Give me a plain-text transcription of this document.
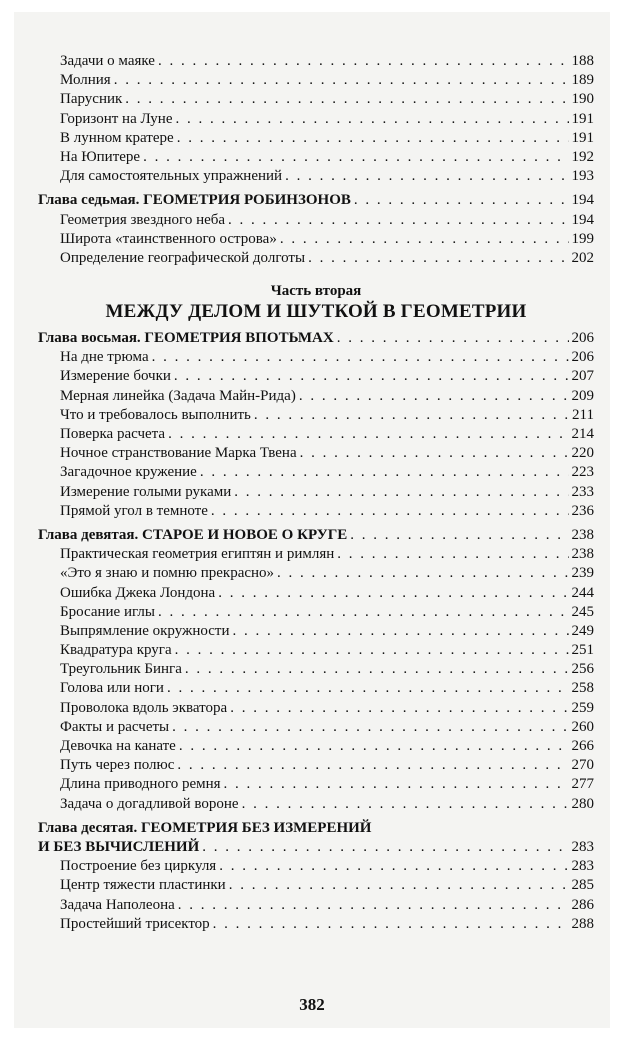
Задачи о маяке . . .	188
Молния . . .	189
Парусник . . .	190
Горизонт на Луне . . .	191
В лунном кратере . . .	191
На Юпитере . . .	192
Для самостоятельных упражнений . . .	193
Глава седьмая. ГЕОМЕТРИЯ РОБИНЗОНОВ . . .	194
Геометрия звездного неба . . .	194
Широта «таинственного острова» . . .	199
Определение географической долготы . . .	202
Часть вторая
МЕЖДУ ДЕЛОМ И ШУТКОЙ В ГЕОМЕТРИИ
Глава восьмая. ГЕОМЕТРИЯ ВПОТЬМАХ . . .	206
На дне трюма . . .	206
Измерение бочки . . .	207
Мерная линейка (Задача Майн-Рида) . . .	209
Что и требовалось выполнить . . .	211
Поверка расчета . . .	214
Ночное странствование Марка Твена . . .	220
Загадочное кружение . . .	223
Измерение голыми руками . . .	233
Прямой угол в темноте . . .	236
Глава девятая. СТАРОЕ И НОВОЕ О КРУГЕ . . .	238
Практическая геометрия египтян и римлян . . .	238
«Это я знаю и помню прекрасно» . . .	239
Ошибка Джека Лондона . . .	244
Бросание иглы . . .	245
Выпрямление окружности . . .	249
Квадратура круга . . .	251
Треугольник Бинга . . .	256
Голова или ноги . . .	258
Проволока вдоль экватора . . .	259
Факты и расчеты . . .	260
Девочка на канате . . .	266
Путь через полюс . . .	270
Длина приводного ремня . . .	277
Задача о догадливой вороне . . .	280
Глава десятая. ГЕОМЕТРИЯ БЕЗ ИЗМЕРЕНИЙ
И БЕЗ ВЫЧИСЛЕНИЙ . . .	283
Построение без циркуля . . .	283
Центр тяжести пластинки . . .	285
Задача Наполеона . . .	286
Простейший трисектор . . .	288
382
